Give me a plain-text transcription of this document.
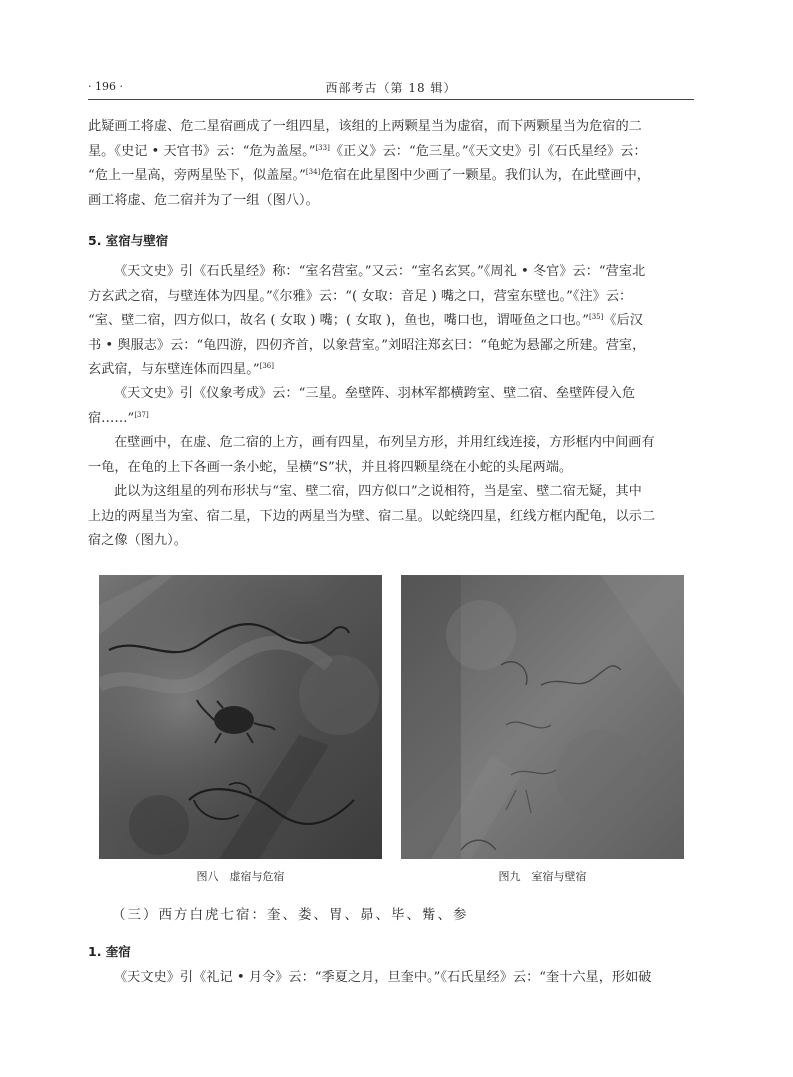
· 196 ·	西部考古（第 18 辑）

此疑画工将虚、危二星宿画成了一组四星，该组的上两颗星当为虚宿，而下两颗星当为危宿的二
星。《史记 • 天官书》云：“危为盖屋。”[33]《正义》云：“危三星。”《天文史》引《石氏星经》云：
“危上一星高，旁两星坠下，似盖屋。”[34]危宿在此星图中少画了一颗星。我们认为，在此壁画中，
画工将虚、危二宿并为了一组（图八）。

5. 室宿与壁宿

《天文史》引《石氏星经》称：“室名营室。”又云：“室名玄冥。”《周礼 • 冬官》云：“营室北
方玄武之宿，与壁连体为四星。”《尔雅》云：“( 女取：音足 ) 嘴之口，营室东壁也。”《注》云：
“室、壁二宿，四方似口，故名 ( 女取 ) 嘴；( 女取 )，鱼也，嘴口也，谓哑鱼之口也。”[35]《后汉
书 • 舆服志》云：“龟四游，四仞齐首，以象营室。”刘昭注郑玄曰：“龟蛇为悬鄙之所建。营室，
玄武宿，与东壁连体而四星。”[36]

《天文史》引《仪象考成》云：“三星。垒壁阵、羽林军都横跨室、壁二宿、垒壁阵侵入危
宿……”[37]

在壁画中，在虚、危二宿的上方，画有四星，布列呈方形，并用红线连接，方形框内中间画有
一龟，在龟的上下各画一条小蛇，呈横“S”状，并且将四颗星绕在小蛇的头尾两端。

此以为这组星的列布形状与“室、壁二宿，四方似口”之说相符，当是室、壁二宿无疑，其中
上边的两星当为室、宿二星，下边的两星当为壁、宿二星。以蛇绕四星，红线方框内配龟，以示二
宿之像（图九）。

图八　虚宿与危宿	图九　室宿与壁宿
（三）西方白虎七宿：奎、娄、胃、昴、毕、觜、参
1. 奎宿

《天文史》引《礼记 • 月令》云：“季夏之月，旦奎中。”《石氏星经》云：“奎十六星，形如破
